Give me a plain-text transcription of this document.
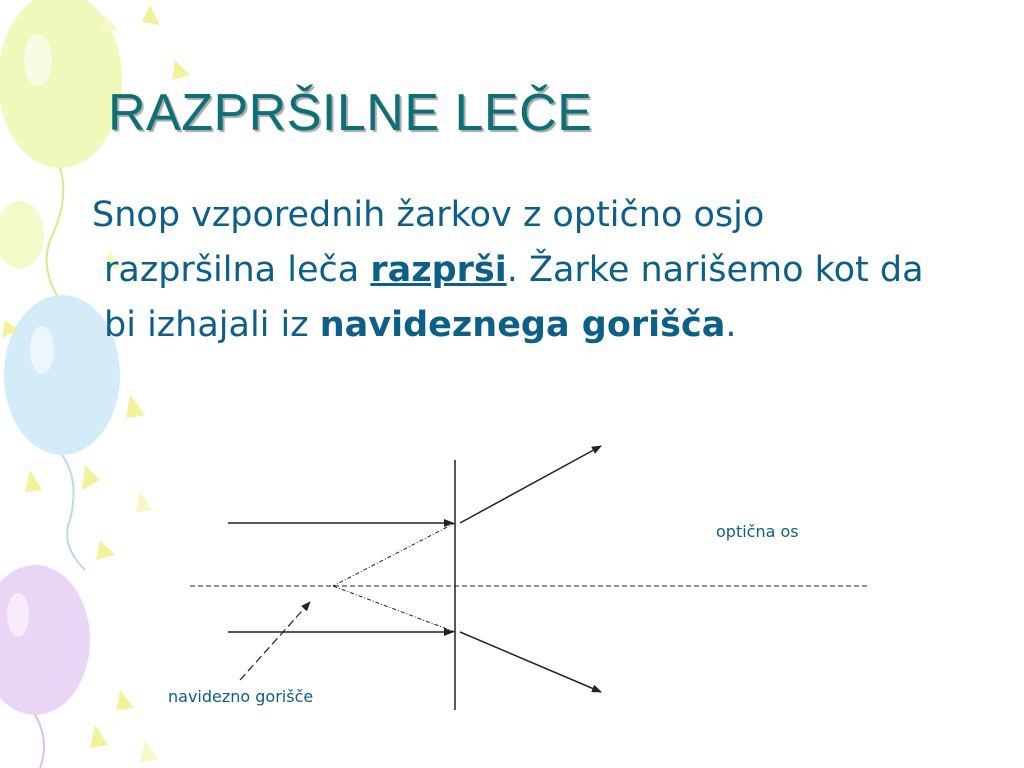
RAZPRŠILNE LEČE

Snop vzporednih žarkov z optično osjo razpršilna leča razprši. Žarke narišemo kot da bi izhajali iz navideznega gorišča.

optična os
navidezno gorišče
